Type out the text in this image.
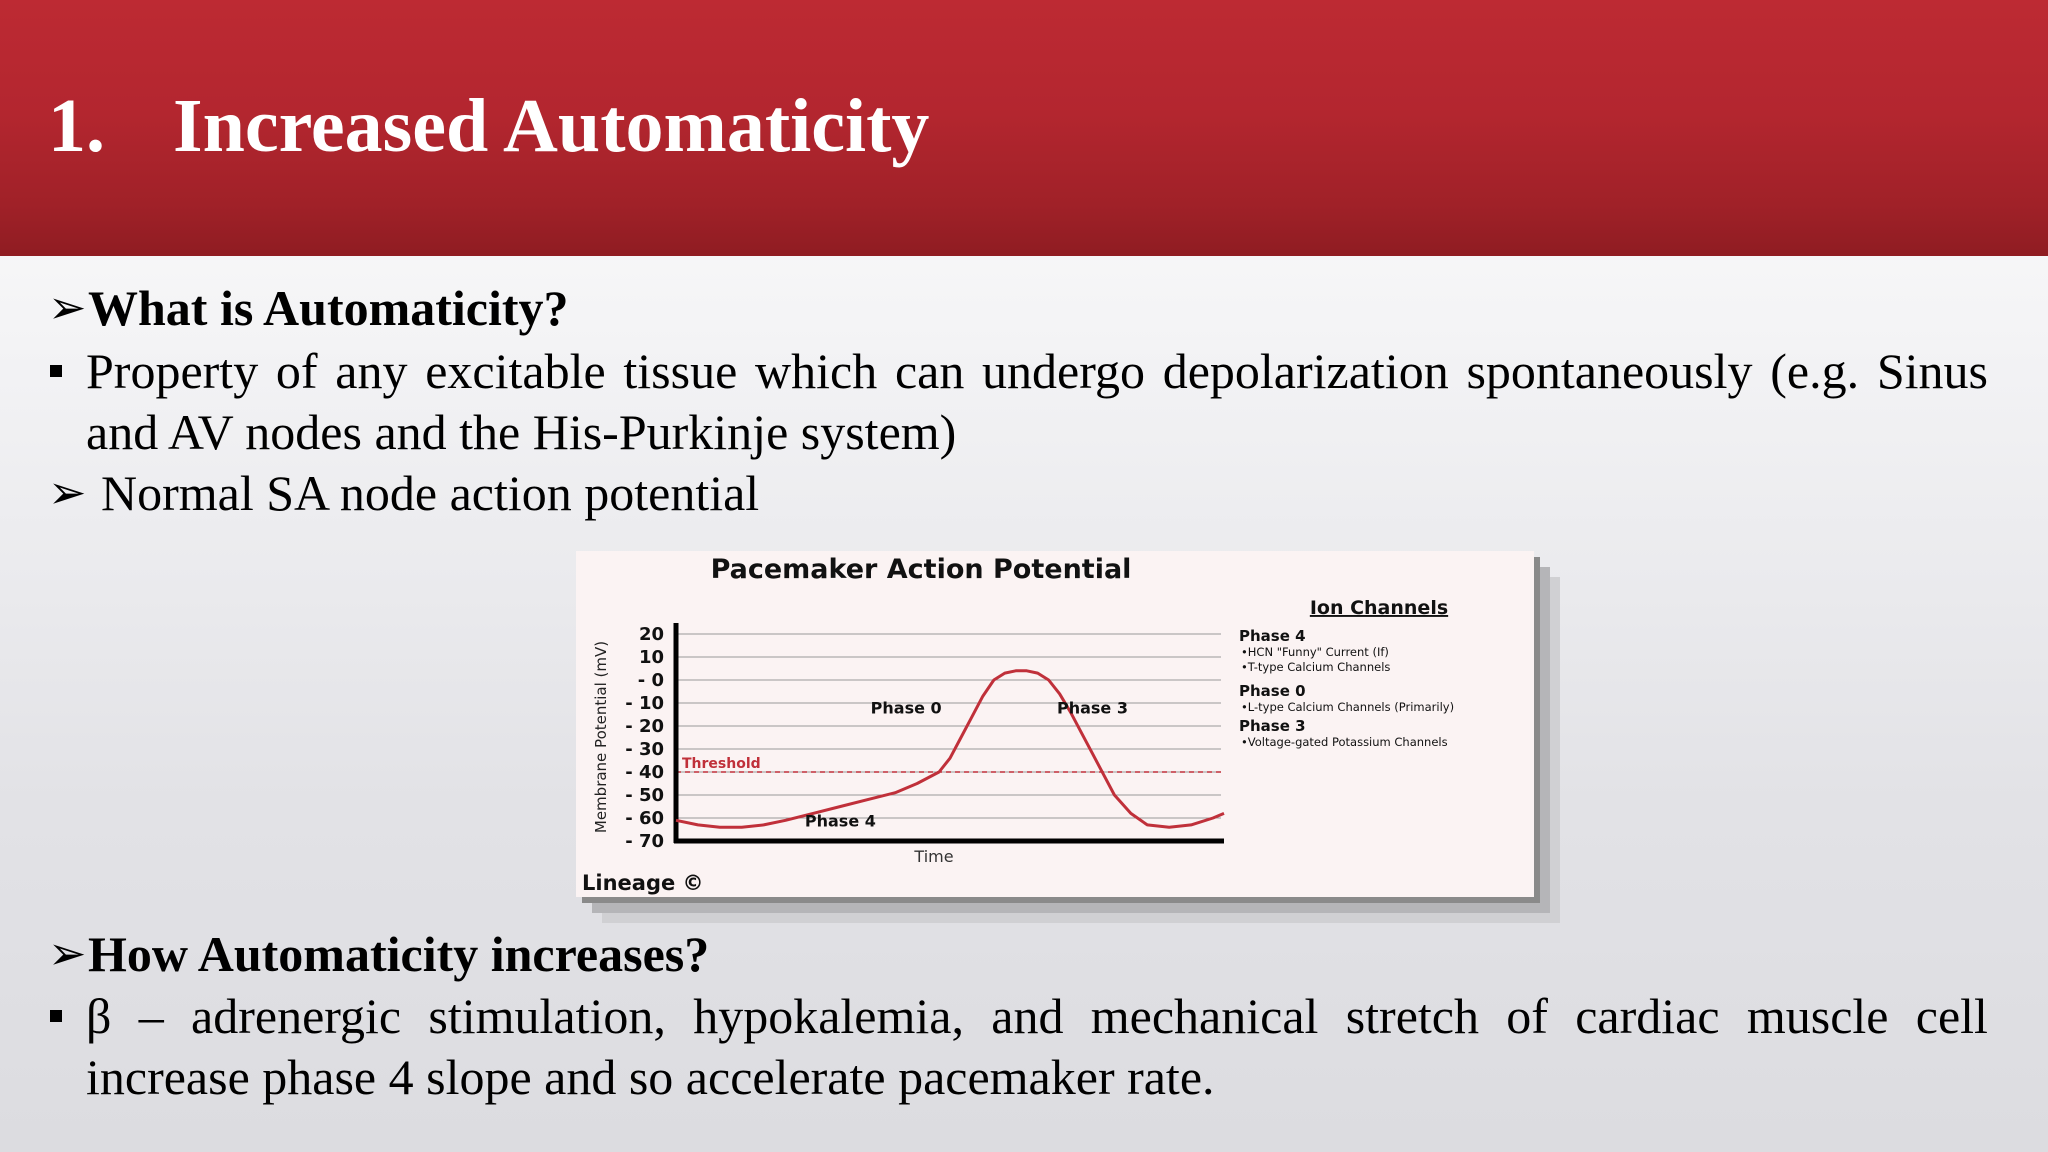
1. Increased Automaticity
➢ What is Automaticity?
Property of any excitable tissue which can undergo depolarization spontaneously (e.g. Sinus
and AV nodes and the His-Purkinje system)
➢ Normal SA node action potential
Pacemaker Action Potential
Threshold
20
10
- 0
- 10
- 20
- 30
- 40
- 50
- 60
- 70
Membrane Potential (mV)
Time
Phase 0	Phase 3
Phase 4
Ion Channels
Phase 4
•HCN "Funny" Current (If)
•T-type Calcium Channels
Phase 0
•L-type Calcium Channels (Primarily)
Phase 3
•Voltage-gated Potassium Channels
Lineage ©
➢ How Automaticity increases?
β – adrenergic stimulation, hypokalemia, and mechanical stretch of cardiac muscle cell
increase phase 4 slope and so accelerate pacemaker rate.
